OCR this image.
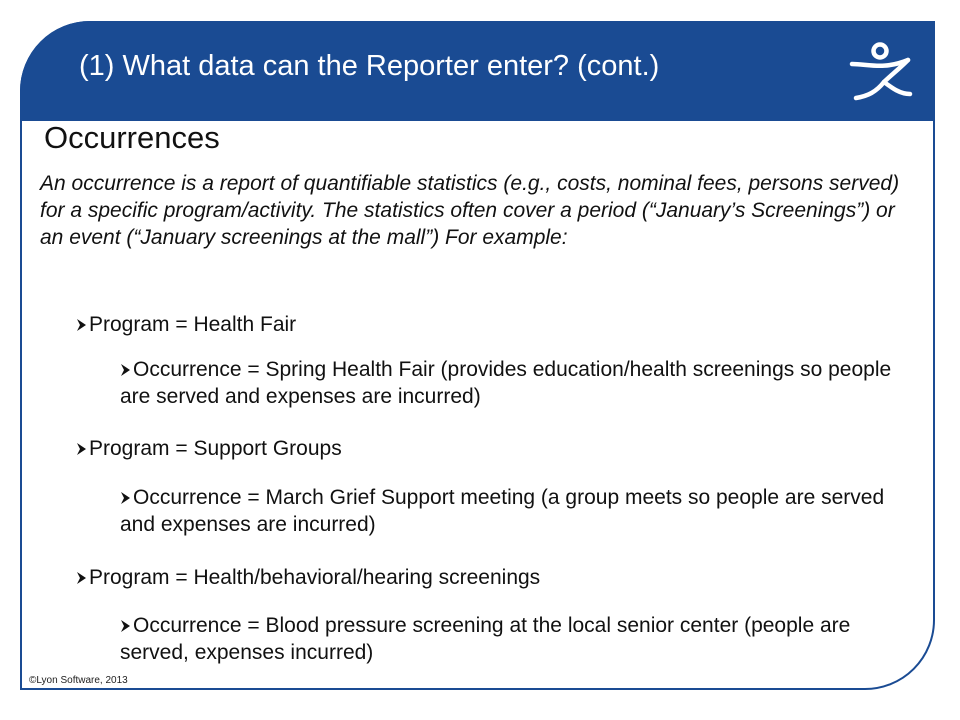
(1) What data can the Reporter enter? (cont.)
Occurrences
An occurrence is a report of quantifiable statistics (e.g., costs, nominal fees, persons served) for a specific program/activity. The statistics often cover a period (“January’s Screenings”) or an event (“January screenings at the mall”) For example:
Program = Health Fair
Occurrence = Spring Health Fair (provides education/health screenings so people are served and expenses are incurred)
Program = Support Groups
Occurrence = March Grief Support meeting (a group meets so people are served and expenses are incurred)
Program = Health/behavioral/hearing screenings
Occurrence = Blood pressure screening at the local senior center (people are served, expenses incurred)
©Lyon Software, 2013
